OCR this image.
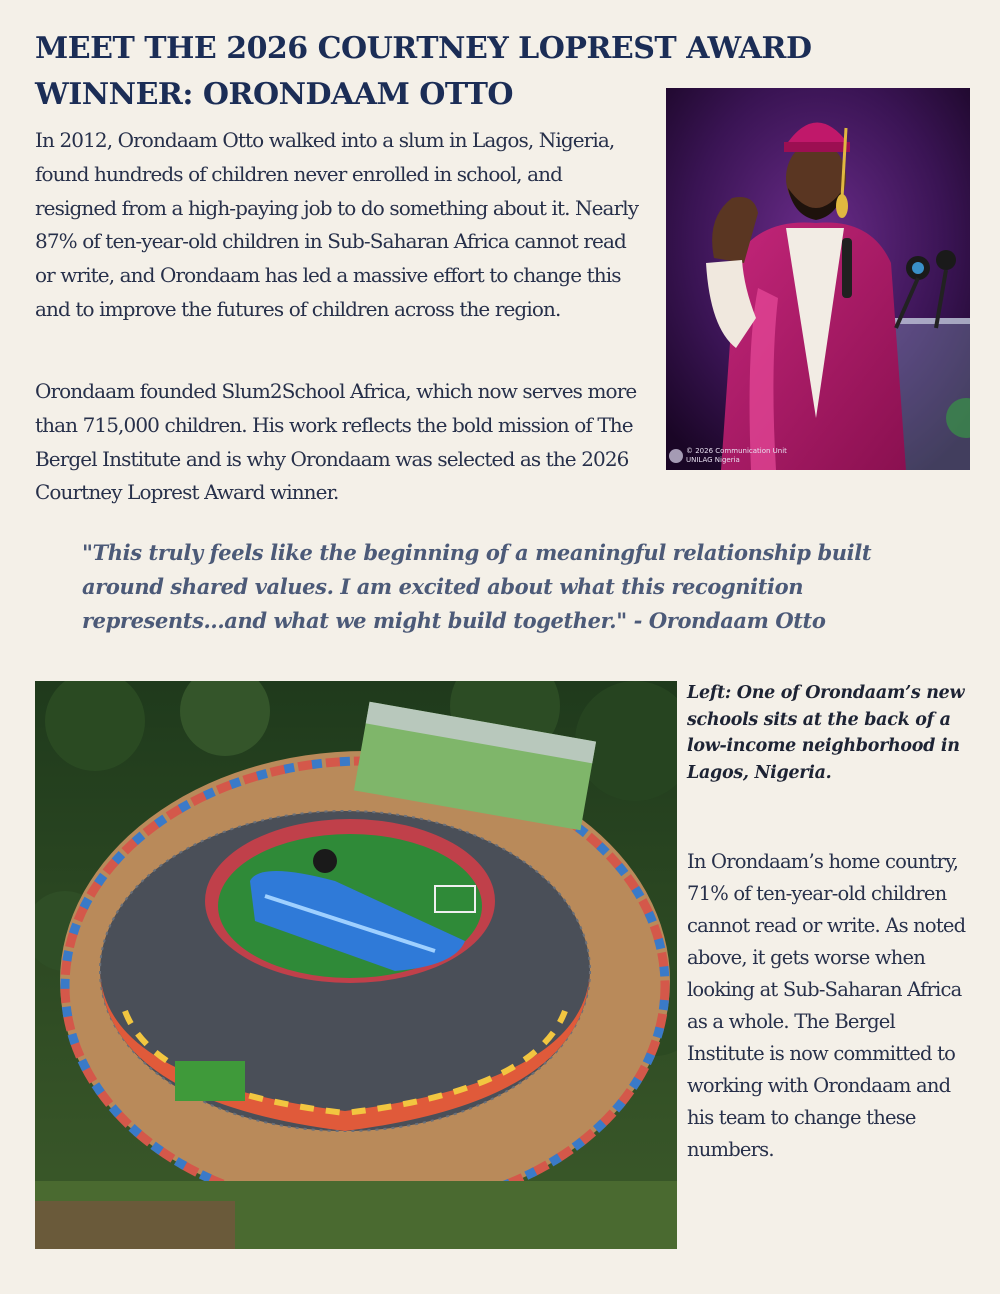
MEET THE 2026 COURTNEY LOPREST AWARD
WINNER: ORONDAAM OTTO

In 2012, Orondaam Otto walked into a slum in Lagos, Nigeria, found hundreds of children never enrolled in school, and resigned from a high-paying job to do something about it. Nearly 87% of ten-year-old children in Sub-Saharan Africa cannot read or write, and Orondaam has led a massive effort to change this and to improve the futures of children across the region.

Orondaam founded Slum2School Africa, which now serves more than 715,000 children. His work reflects the bold mission of The Bergel Institute and is why Orondaam was selected as the 2026 Courtney Loprest Award winner.

© 2026 Communication Unit
UNILAG Nigeria

"This truly feels like the beginning of a meaningful relationship built around shared values. I am excited about what this recognition represents...and what we might build together." - Orondaam Otto

Left: One of Orondaam’s new schools sits at the back of a low-income neighborhood in Lagos, Nigeria.

In Orondaam’s home country, 71% of ten-year-old children cannot read or write. As noted above, it gets worse when looking at Sub-Saharan Africa as a whole. The Bergel Institute is now committed to working with Orondaam and his team to change these numbers.
